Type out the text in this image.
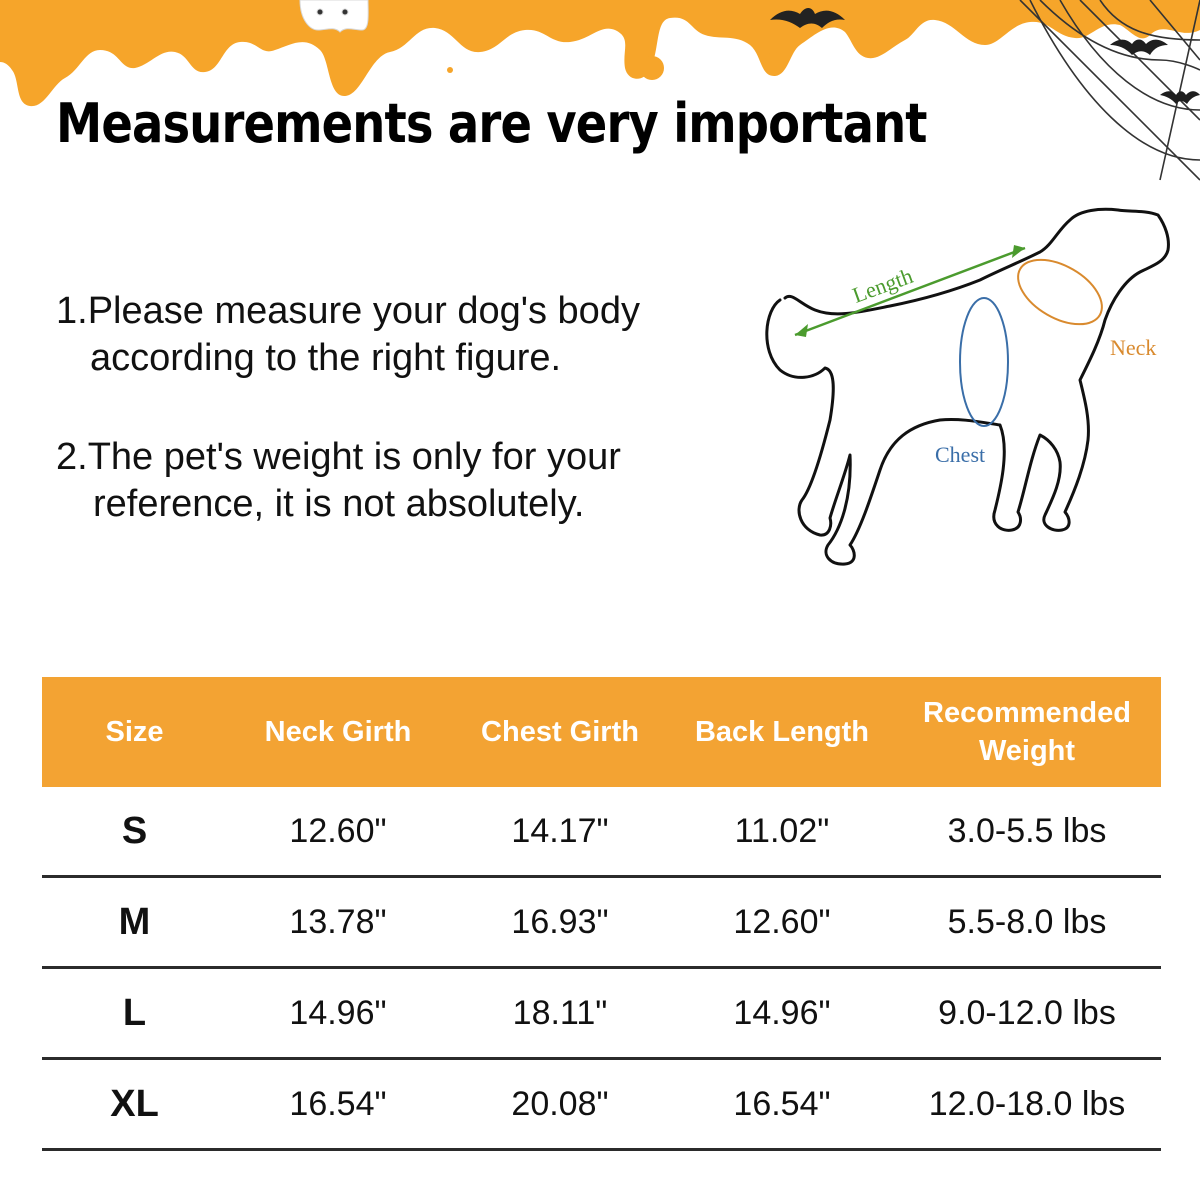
Measurements are very important
1.Please measure your dog's body
according to the right figure.
2.The pet's weight is only for your
reference, it is not absolutely.
Length
Neck
Chest
Size	Neck Girth	Chest Girth	Back Length	Recommended
Weight

S	12.60"	14.17"	11.02"	3.0-5.5 lbs
M	13.78"	16.93"	12.60"	5.5-8.0 lbs
L	14.96"	18.11"	14.96"	9.0-12.0 lbs
XL	16.54"	20.08"	16.54"	12.0-18.0 lbs
